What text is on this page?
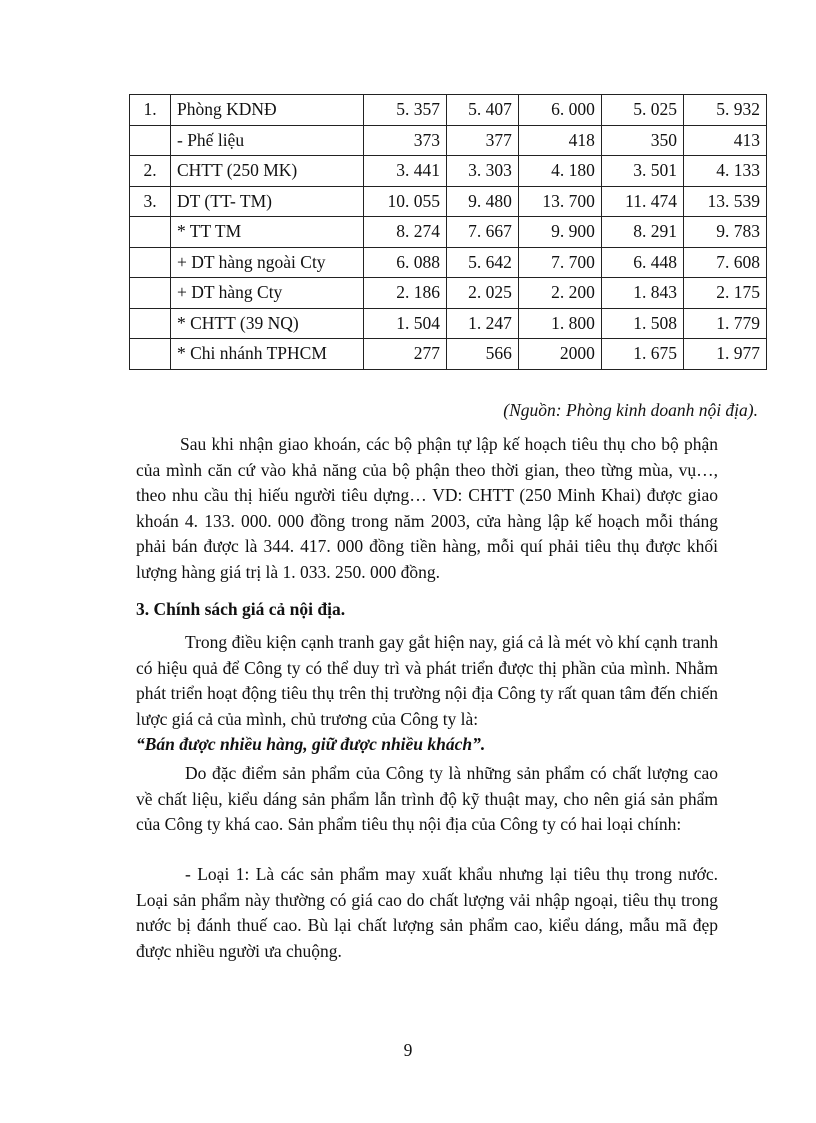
1.	Phòng KDNĐ	5. 357	5. 407	6. 000	5. 025	5. 932
	- Phế liệu	373	377	418	350	413
2.	CHTT (250 MK)	3. 441	3. 303	4. 180	3. 501	4. 133
3.	DT (TT- TM)	10. 055	9. 480	13. 700	11. 474	13. 539
	* TT TM	8. 274	7. 667	9. 900	8. 291	9. 783
	+ DT hàng ngoài Cty	6. 088	5. 642	7. 700	6. 448	7. 608
	+ DT hàng Cty	2. 186	2. 025	2. 200	1. 843	2. 175
	* CHTT (39 NQ)	1. 504	1. 247	1. 800	1. 508	1. 779
	* Chi nhánh TPHCM	277	566	2000	1. 675	1. 977
(Nguồn: Phòng kinh doanh nội địa).
Sau khi nhận giao khoán, các bộ phận tự lập kế hoạch tiêu thụ cho bộ phận của mình căn cứ vào khả năng của bộ phận theo thời gian, theo từng mùa, vụ…, theo nhu cầu thị hiếu người tiêu dựng… VD: CHTT (250 Minh Khai) được giao khoán 4. 133. 000. 000 đồng trong năm 2003, cửa hàng lập kế hoạch mỗi tháng phải bán được là 344. 417. 000 đồng tiền hàng, mỗi quí phải tiêu thụ được khối lượng hàng giá trị là 1. 033. 250. 000 đồng.
3. Chính sách giá cả nội địa.
Trong điều kiện cạnh tranh gay gắt hiện nay, giá cả là mét vò khí cạnh tranh có hiệu quả để Công ty có thể duy trì và phát triển được thị phần của mình. Nhằm phát triển hoạt động tiêu thụ trên thị trường nội địa Công ty rất quan tâm đến chiến lược giá cả của mình, chủ trương của Công ty là:
“Bán được nhiều hàng, giữ được nhiều khách”.
Do đặc điểm sản phẩm của Công ty là những sản phẩm có chất lượng cao về chất liệu, kiểu dáng sản phẩm lẫn trình độ kỹ thuật may, cho nên giá sản phẩm của Công ty khá cao. Sản phẩm tiêu thụ nội địa của Công ty có hai loại chính:
- Loại 1: Là các sản phẩm may xuất khẩu nhưng lại tiêu thụ trong nước. Loại sản phẩm này thường có giá cao do chất lượng vải nhập ngoại, tiêu thụ trong nước bị đánh thuế cao. Bù lại chất lượng sản phẩm cao, kiểu dáng, mẫu mã đẹp được nhiều người ưa chuộng.
9
